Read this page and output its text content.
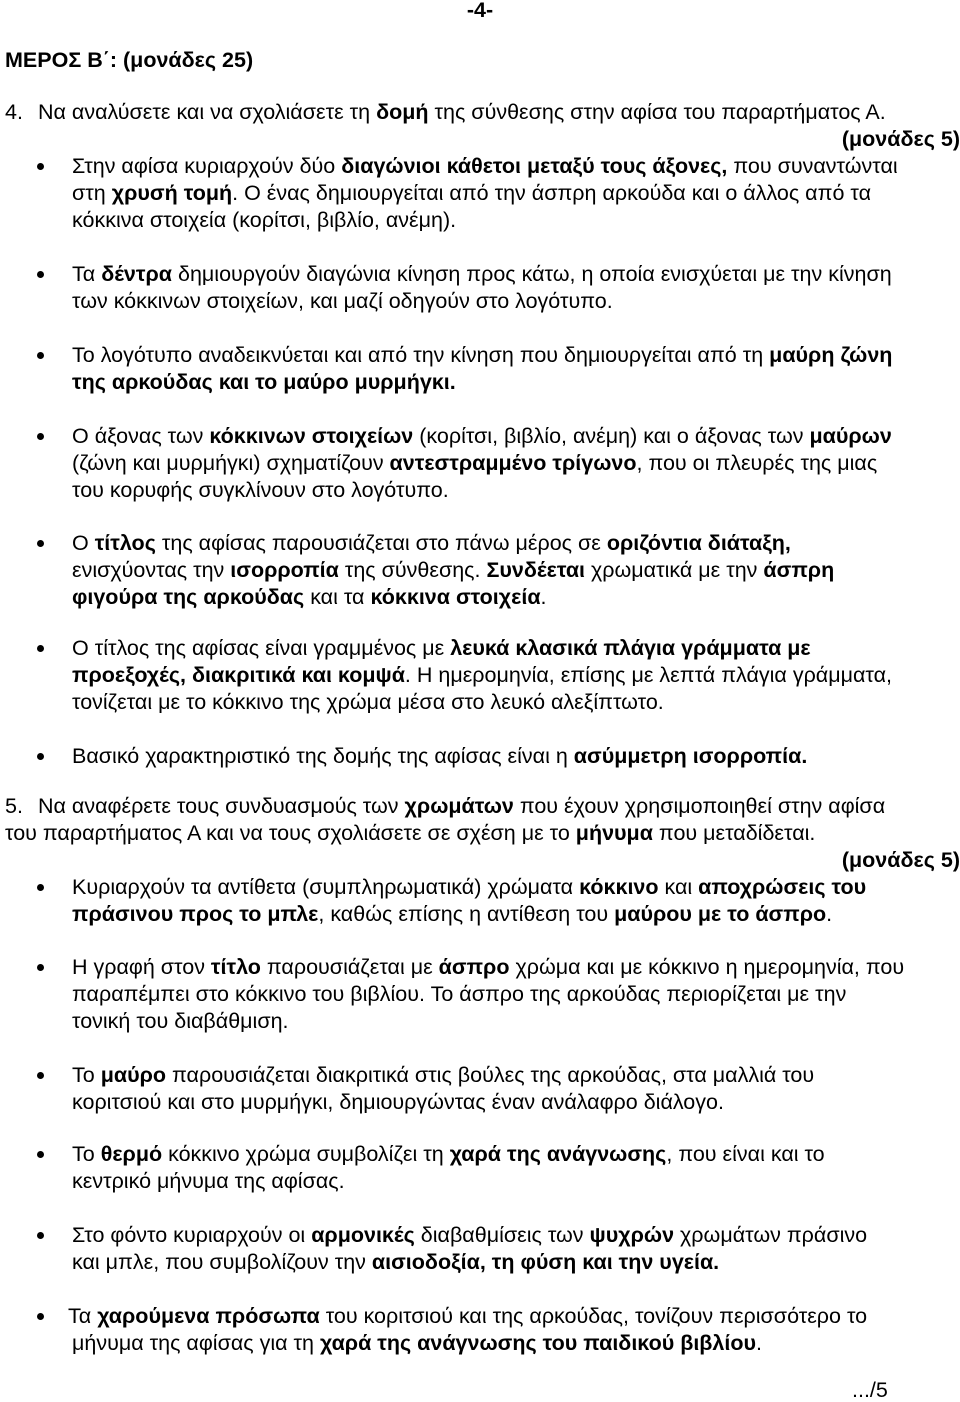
-4-
ΜΕΡΟΣ Β΄: (μονάδες 25)
4. Να αναλύσετε και να σχολιάσετε τη δομή της σύνθεσης στην αφίσα του παραρτήματος Α.
(μονάδες 5)
Στην αφίσα κυριαρχούν δύο διαγώνιοι κάθετοι μεταξύ τους άξονες, που συναντώνται
στη χρυσή τομή. Ο ένας δημιουργείται από την άσπρη αρκούδα και ο άλλος από τα
κόκκινα στοιχεία (κορίτσι, βιβλίο, ανέμη).
Τα δέντρα δημιουργούν διαγώνια κίνηση προς κάτω, η οποία ενισχύεται με την κίνηση
των κόκκινων στοιχείων, και μαζί οδηγούν στο λογότυπο.
Το λογότυπο αναδεικνύεται και από την κίνηση που δημιουργείται από τη μαύρη ζώνη
της αρκούδας και το μαύρο μυρμήγκι.
Ο άξονας των κόκκινων στοιχείων (κορίτσι, βιβλίο, ανέμη) και ο άξονας των μαύρων
(ζώνη και μυρμήγκι) σχηματίζουν αντεστραμμένο τρίγωνο, που οι πλευρές της μιας
του κορυφής συγκλίνουν στο λογότυπο.
Ο τίτλος της αφίσας παρουσιάζεται στο πάνω μέρος σε οριζόντια διάταξη,
ενισχύοντας την ισορροπία της σύνθεσης. Συνδέεται χρωματικά με την άσπρη
φιγούρα της αρκούδας και τα κόκκινα στοιχεία.
Ο τίτλος της αφίσας είναι γραμμένος με λευκά κλασικά πλάγια γράμματα με
προεξοχές, διακριτικά και κομψά. Η ημερομηνία, επίσης με λεπτά πλάγια γράμματα,
τονίζεται με το κόκκινο της χρώμα μέσα στο λευκό αλεξίπτωτο.
Βασικό χαρακτηριστικό της δομής της αφίσας είναι η ασύμμετρη ισορροπία.
5. Να αναφέρετε τους συνδυασμούς των χρωμάτων που έχουν χρησιμοποιηθεί στην αφίσα
του παραρτήματος Α και να τους σχολιάσετε σε σχέση με το μήνυμα που μεταδίδεται.
(μονάδες 5)
Κυριαρχούν τα αντίθετα (συμπληρωματικά) χρώματα κόκκινο και αποχρώσεις του
πράσινου προς το μπλε, καθώς επίσης η αντίθεση του μαύρου με το άσπρο.
Η γραφή στον τίτλο παρουσιάζεται με άσπρο χρώμα και με κόκκινο η ημερομηνία, που
παραπέμπει στο κόκκινο του βιβλίου. Το άσπρο της αρκούδας περιορίζεται με την
τονική του διαβάθμιση.
Το μαύρο παρουσιάζεται διακριτικά στις βούλες της αρκούδας, στα μαλλιά του
κοριτσιού και στο μυρμήγκι, δημιουργώντας έναν ανάλαφρο διάλογο.
Το θερμό κόκκινο χρώμα συμβολίζει τη χαρά της ανάγνωσης, που είναι και το
κεντρικό μήνυμα της αφίσας.
Στο φόντο κυριαρχούν οι αρμονικές διαβαθμίσεις των ψυχρών χρωμάτων πράσινο
και μπλε, που συμβολίζουν την αισιοδοξία, τη φύση και την υγεία.
Τα χαρούμενα πρόσωπα του κοριτσιού και της αρκούδας, τονίζουν περισσότερο το
μήνυμα της αφίσας για τη χαρά της ανάγνωσης του παιδικού βιβλίου.
.../5
